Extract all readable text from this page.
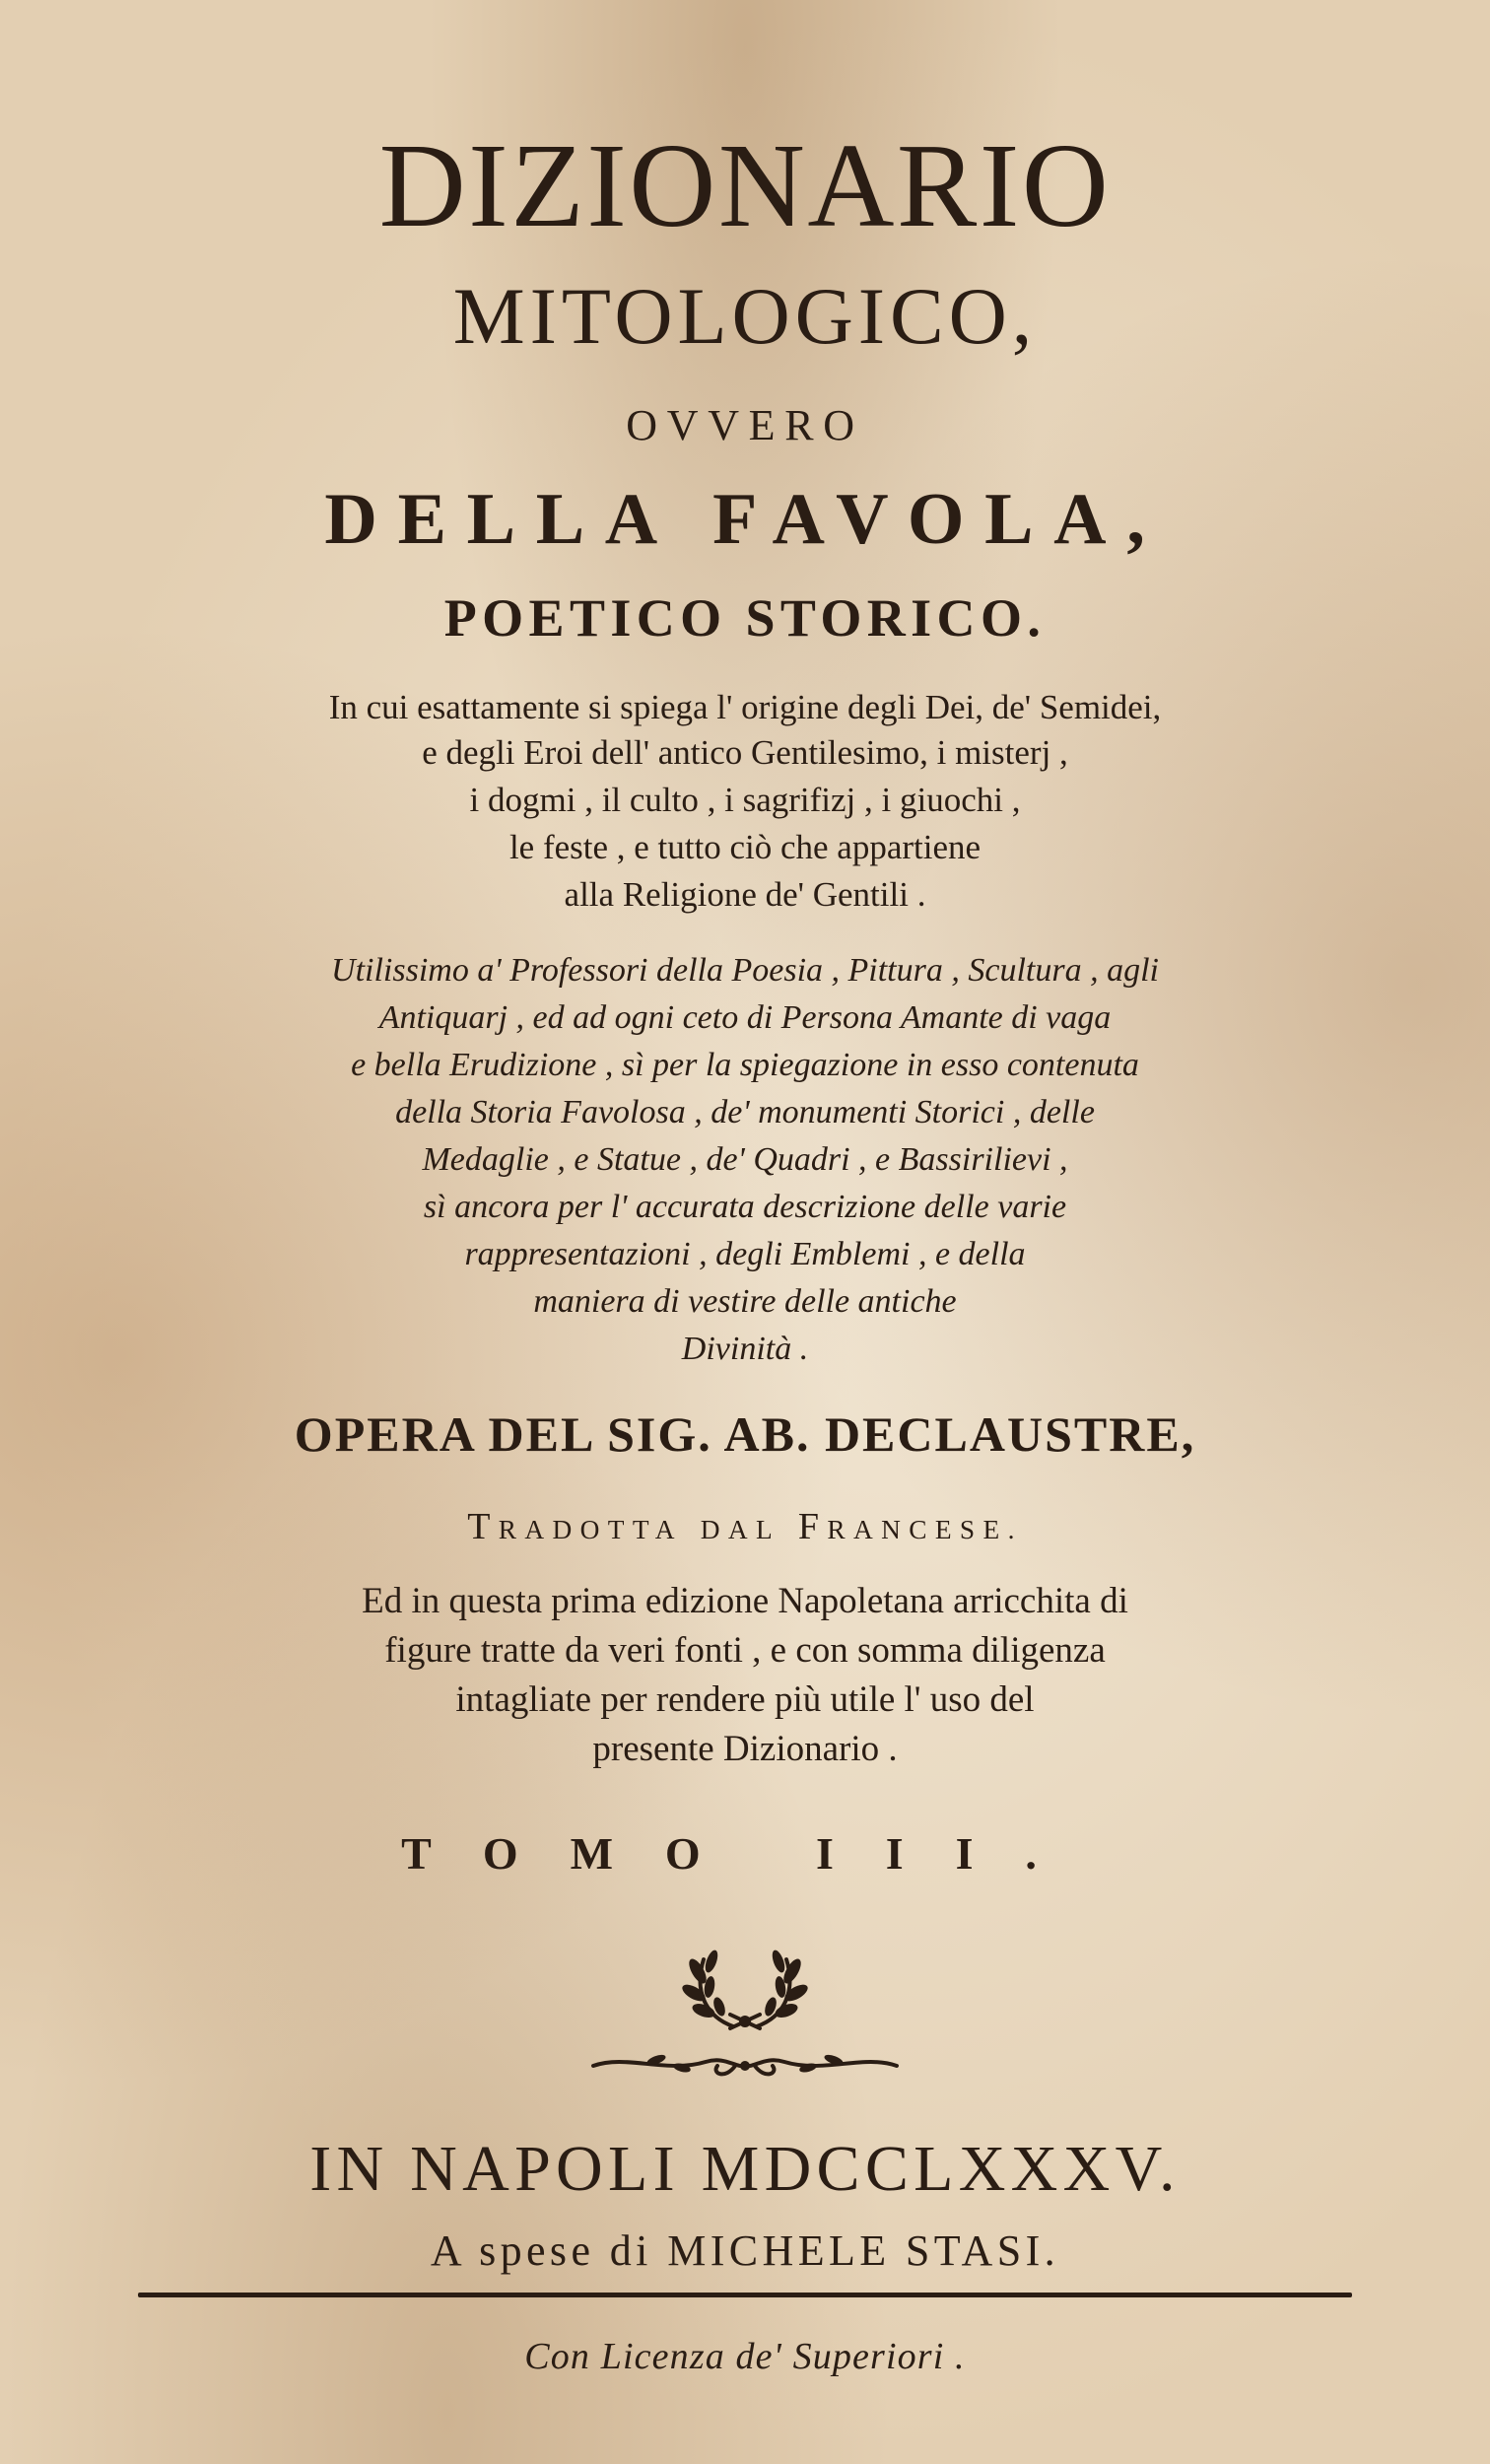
DIZIONARIO

MITOLOGICO,

OVVERO

DELLA FAVOLA,

POETICO STORICO.

In cui esattamente si spiega l' origine degli Dei, de' Semidei,

e degli Eroi dell' antico Gentilesimo, i misterj ,

i dogmi , il culto , i sagrifizj , i giuochi ,

le feste , e tutto ciò che appartiene

alla Religione de' Gentili .

Utilissimo a' Professori della Poesia , Pittura , Scultura , agli

Antiquarj , ed ad ogni ceto di Persona Amante di vaga

e bella Erudizione , sì per la spiegazione in esso contenuta

della Storia Favolosa , de' monumenti Storici , delle

Medaglie , e Statue , de' Quadri , e Bassirilievi ,

sì ancora per l' accurata descrizione delle varie

rappresentazioni , degli Emblemi , e della

maniera di vestire delle antiche

Divinità .

OPERA DEL SIG. AB. DECLAUSTRE,

TRADOTTA DAL FRANCESE.

Ed in questa prima edizione Napoletana arricchita di

figure tratte da veri fonti , e con somma diligenza

intagliate per rendere più utile l' uso del

presente Dizionario .

TOMO III.

IN NAPOLI MDCCLXXXV.

A spese di MICHELE STASI.

Con Licenza de' Superiori .
